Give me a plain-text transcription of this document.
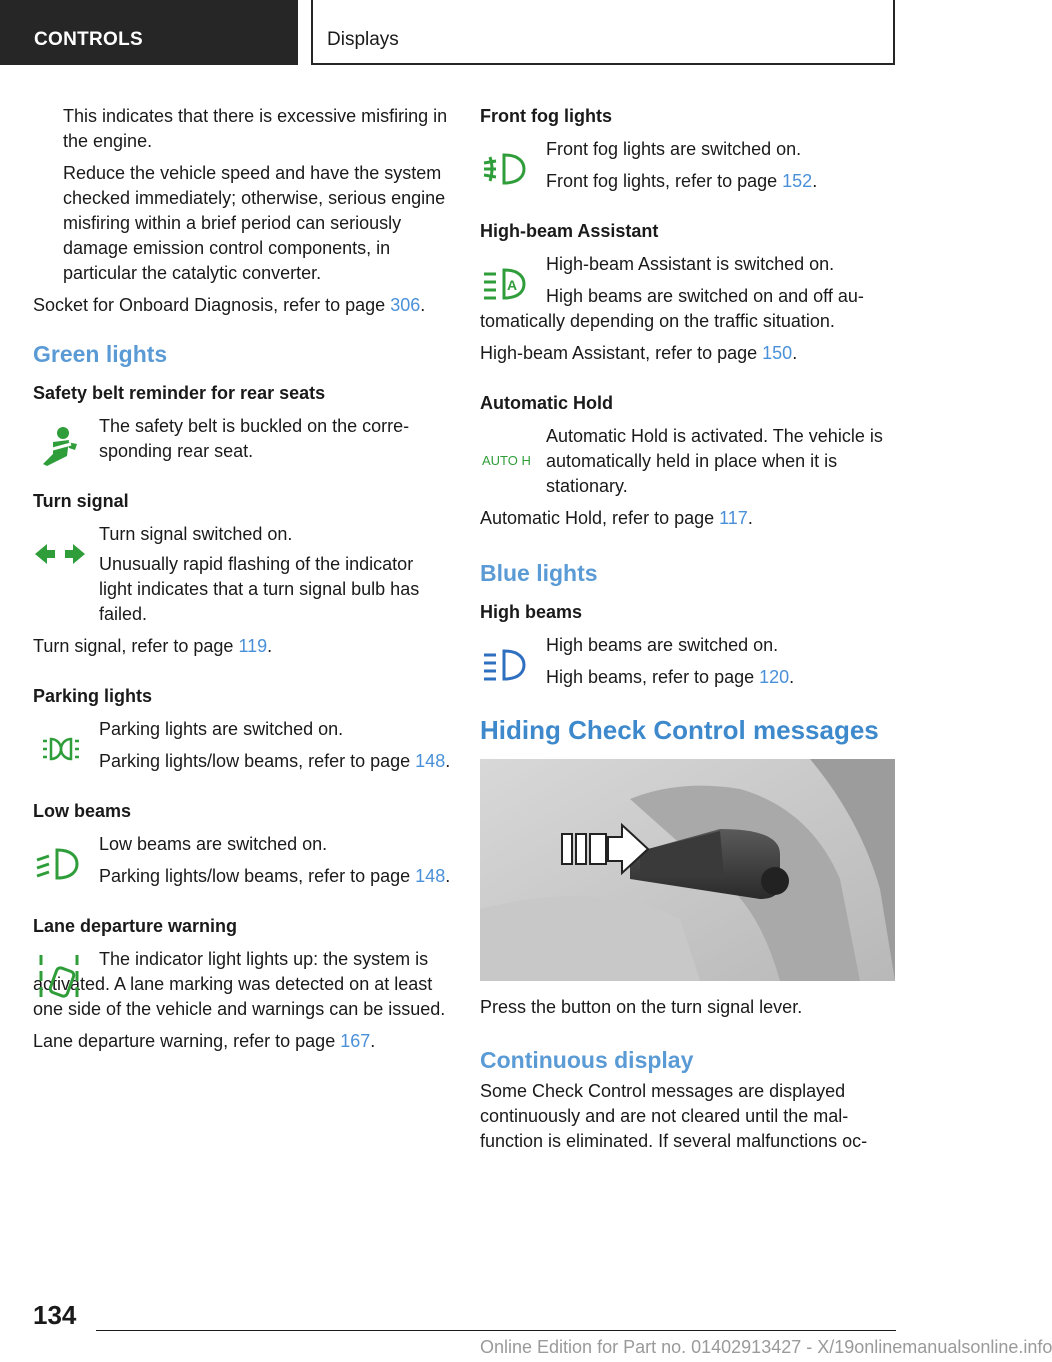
CONTROLS	Displays

This indicates that there is excessive misfiring in the engine.

Reduce the vehicle speed and have the system checked immediately; otherwise, serious engine misfiring within a brief period can seriously damage emission control components, in particular the catalytic converter.

Socket for Onboard Diagnosis, refer to page 306.

Green lights
Safety belt reminder for rear seats

The safety belt is buckled on the corresponding rear seat.

Turn signal

Turn signal switched on.

Unusually rapid flashing of the indicator light indicates that a turn signal bulb has failed.

Turn signal, refer to page 119.

Parking lights

Parking lights are switched on.

Parking lights/low beams, refer to page 148.

Low beams

Low beams are switched on.

Parking lights/low beams, refer to page 148.

Lane departure warning

The indicator light lights up: the system is activated. A lane marking was detected on at least one side of the vehicle and warnings can be issued.

Lane departure warning, refer to page 167.

Front fog lights

Front fog lights are switched on.

Front fog lights, refer to page 152.

High-beam Assistant
A

High-beam Assistant is switched on.

High beams are switched on and off automatically depending on the traffic situation.

High-beam Assistant, refer to page 150.

Automatic Hold
AUTO H

Automatic Hold is activated. The vehicle is automatically held in place when it is stationary.

Automatic Hold, refer to page 117.

Blue lights
High beams

High beams are switched on.

High beams, refer to page 120.

Hiding Check Control messages

Press the button on the turn signal lever.

Continuous display

Some Check Control messages are displayed continuously and are not cleared until the malfunction is eliminated. If several malfunctions oc-

134
Online Edition for Part no. 01402913427 - X/19onlinemanualsonline.info
